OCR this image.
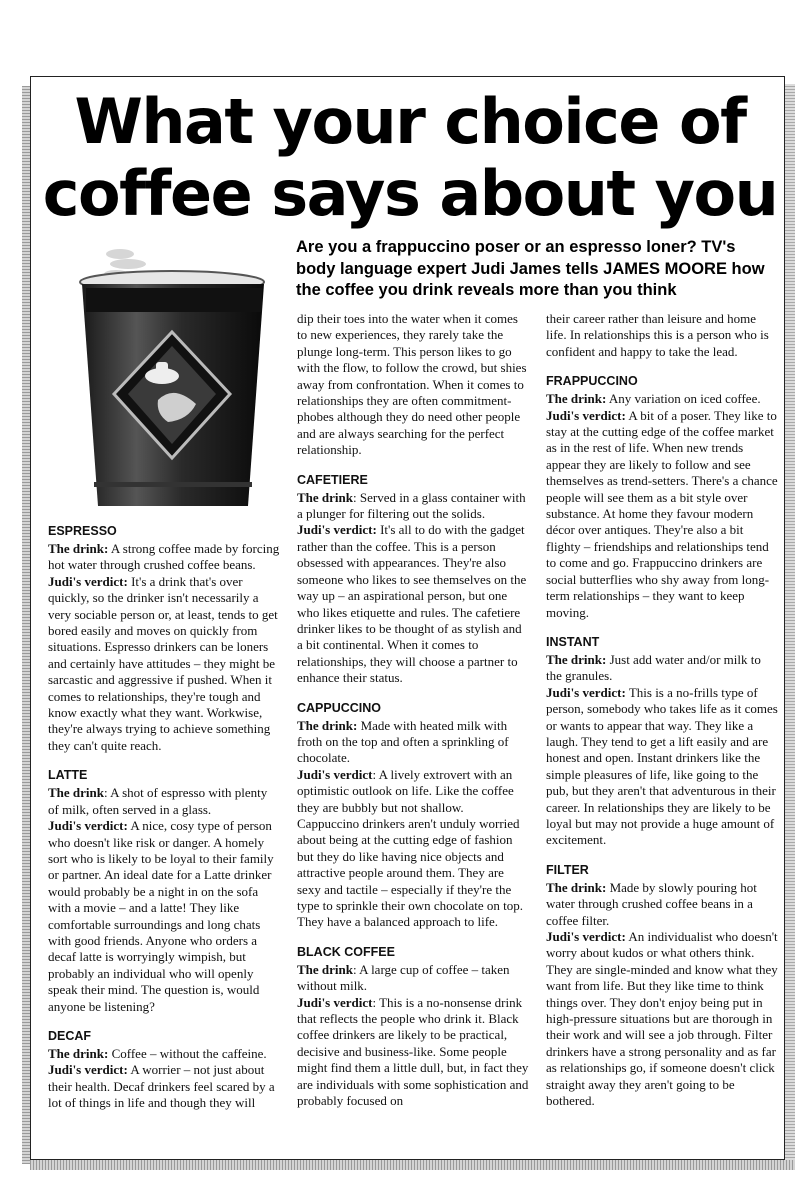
What your choice of coffee says about you

Are you a frappuccino poser or an espresso loner? TV's body language expert Judi James tells JAMES MOORE how the coffee you drink reveals more than you think

ESPRESSO

The drink: A strong coffee made by forcing hot water through crushed coffee beans.

Judi's verdict: It's a drink that's over quickly, so the drinker isn't necessarily a very sociable person or, at least, tends to get bored easily and moves on quickly from situations. Espresso drinkers can be loners and certainly have attitudes – they might be sarcastic and aggressive if pushed. When it comes to relationships, they're tough and know exactly what they want. Workwise, they're always trying to achieve something they can't quite reach.

LATTE

The drink: A shot of espresso with plenty of milk, often served in a glass.

Judi's verdict: A nice, cosy type of person who doesn't like risk or danger. A homely sort who is likely to be loyal to their family or partner. An ideal date for a Latte drinker would probably be a night in on the sofa with a movie – and a latte! They like comfortable surroundings and long chats with good friends. Anyone who orders a decaf latte is worryingly wimpish, but probably an individual who will openly speak their mind. The question is, would anyone be listening?

DECAF

The drink: Coffee – without the caffeine.

Judi's verdict: A worrier – not just about their health. Decaf drinkers feel scared by a lot of things in life and though they will

dip their toes into the water when it comes to new experiences, they rarely take the plunge long-term. This person likes to go with the flow, to follow the crowd, but shies away from confrontation. When it comes to relationships they are often commitment-phobes although they do need other people and are always searching for the perfect relationship.

CAFETIERE

The drink: Served in a glass container with a plunger for filtering out the solids.

Judi's verdict: It's all to do with the gadget rather than the coffee. This is a person obsessed with appearances. They're also someone who likes to see themselves on the way up – an aspirational person, but one who likes etiquette and rules. The cafetiere drinker likes to be thought of as stylish and a bit continental. When it comes to relationships, they will choose a partner to enhance their status.

CAPPUCCINO

The drink: Made with heated milk with froth on the top and often a sprinkling of chocolate.

Judi's verdict: A lively extrovert with an optimistic outlook on life. Like the coffee they are bubbly but not shallow. Cappuccino drinkers aren't unduly worried about being at the cutting edge of fashion but they do like having nice objects and attractive people around them. They are sexy and tactile – especially if they're the type to sprinkle their own chocolate on top. They have a balanced approach to life.

BLACK COFFEE

The drink: A large cup of coffee – taken without milk.

Judi's verdict: This is a no-nonsense drink that reflects the people who drink it. Black coffee drinkers are likely to be practical, decisive and business-like. Some people might find them a little dull, but, in fact they are individuals with some sophistication and probably focused on

their career rather than leisure and home life. In relationships this is a person who is confident and happy to take the lead.

FRAPPUCCINO

The drink: Any variation on iced coffee.

Judi's verdict: A bit of a poser. They like to stay at the cutting edge of the coffee market as in the rest of life. When new trends appear they are likely to follow and see themselves as trend-setters. There's a chance people will see them as a bit style over substance. At home they favour modern décor over antiques. They're also a bit flighty – friendships and relationships tend to come and go. Frappuccino drinkers are social butterflies who shy away from long-term relationships – they want to keep moving.

INSTANT

The drink: Just add water and/or milk to the granules.

Judi's verdict: This is a no-frills type of person, somebody who takes life as it comes or wants to appear that way. They like a laugh. They tend to get a lift easily and are honest and open. Instant drinkers like the simple pleasures of life, like going to the pub, but they aren't that adventurous in their career. In relationships they are likely to be loyal but may not provide a huge amount of excitement.

FILTER

The drink: Made by slowly pouring hot water through crushed coffee beans in a coffee filter.

Judi's verdict: An individualist who doesn't worry about kudos or what others think. They are single-minded and know what they want from life. But they like time to think things over. They don't enjoy being put in high-pressure situations but are thorough in their work and will see a job through. Filter drinkers have a strong personality and as far as relationships go, if someone doesn't click straight away they aren't going to be bothered.
